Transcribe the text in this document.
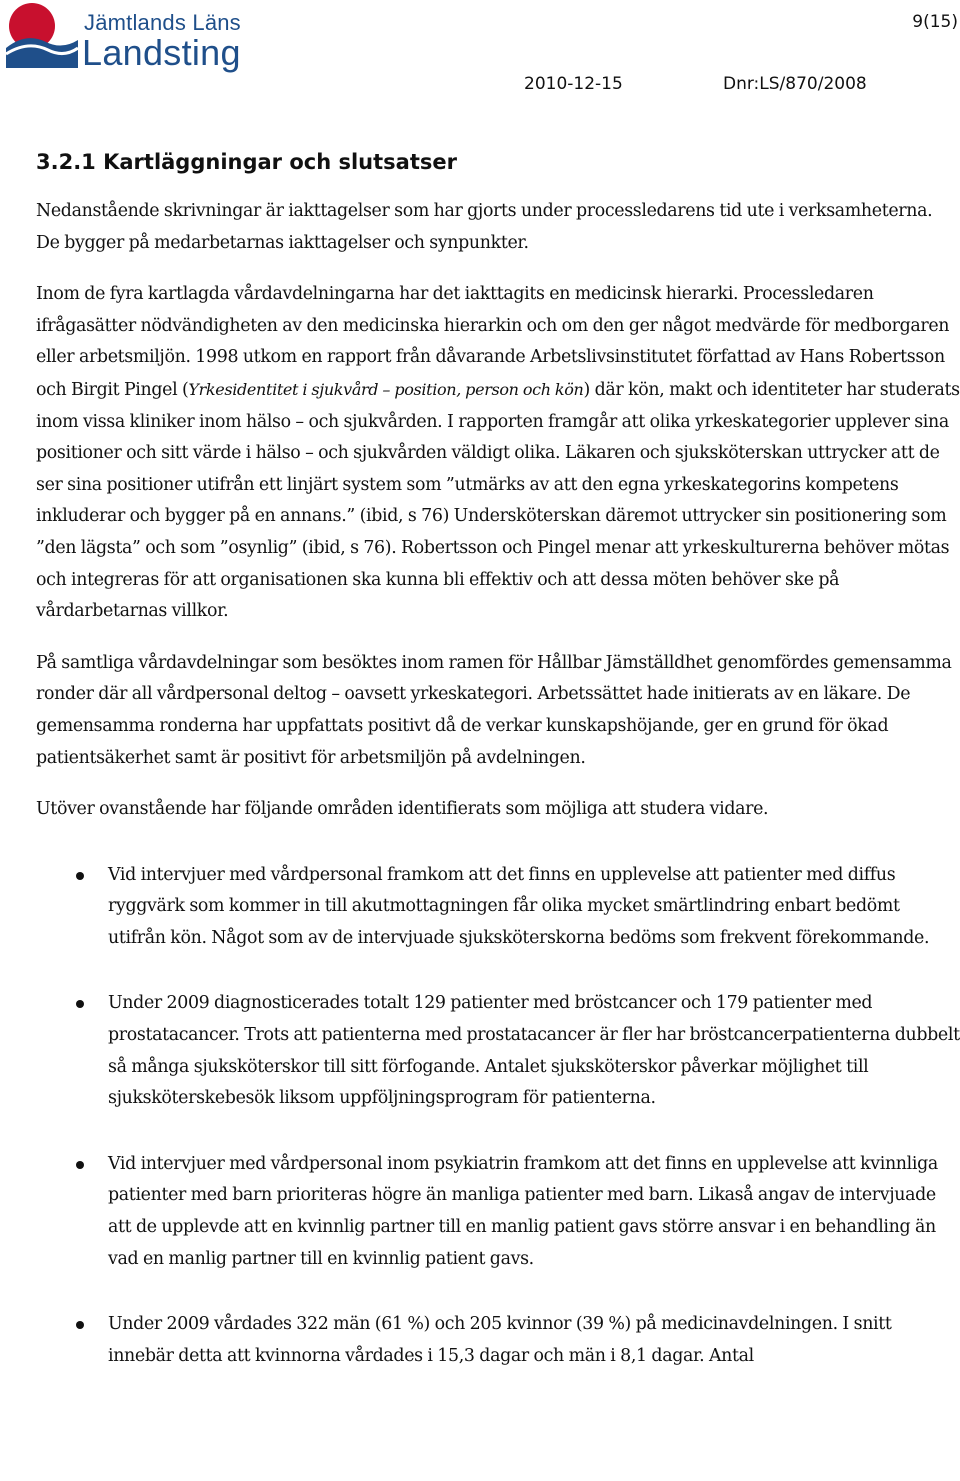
Jämtlands Läns
Landsting
9(15)
2010-12-15	Dnr:LS/870/2008
3.2.1 Kartläggningar och slutsatser

Nedanstående skrivningar är iakttagelser som har gjorts under processledarens tid ute i verksamheterna. De bygger på medarbetarnas iakttagelser och synpunkter.

Inom de fyra kartlagda vårdavdelningarna har det iakttagits en medicinsk hierarki. Processledaren ifrågasätter nödvändigheten av den medicinska hierarkin och om den ger något medvärde för medborgaren eller arbetsmiljön. 1998 utkom en rapport från dåvarande Arbetslivsinstitutet författad av Hans Robertsson och Birgit Pingel (Yrkesidentitet i sjukvård – position, person och kön) där kön, makt och identiteter har studerats inom vissa kliniker inom hälso – och sjukvården. I rapporten framgår att olika yrkeskategorier upplever sina positioner och sitt värde i hälso – och sjukvården väldigt olika. Läkaren och sjuksköterskan uttrycker att de ser sina positioner utifrån ett linjärt system som ”utmärks av att den egna yrkeskategorins kompetens inkluderar och bygger på en annans.” (ibid, s 76) Undersköterskan däremot uttrycker sin positionering som ”den lägsta” och som ”osynlig” (ibid, s 76). Robertsson och Pingel menar att yrkeskulturerna behöver mötas och integreras för att organisationen ska kunna bli effektiv och att dessa möten behöver ske på vårdarbetarnas villkor.

På samtliga vårdavdelningar som besöktes inom ramen för Hållbar Jämställdhet genomfördes gemensamma ronder där all vårdpersonal deltog – oavsett yrkeskategori. Arbetssättet hade initierats av en läkare. De gemensamma ronderna har uppfattats positivt då de verkar kunskapshöjande, ger en grund för ökad patientsäkerhet samt är positivt för arbetsmiljön på avdelningen.

Utöver ovanstående har följande områden identifierats som möjliga att studera vidare.

Vid intervjuer med vårdpersonal framkom att det finns en upplevelse att patienter med diffus ryggvärk som kommer in till akutmottagningen får olika mycket smärtlindring enbart bedömt utifrån kön. Något som av de intervjuade sjuksköterskorna bedöms som frekvent förekommande.
Under 2009 diagnosticerades totalt 129 patienter med bröstcancer och 179 patienter med prostatacancer. Trots att patienterna med prostatacancer är fler har bröstcancerpatienterna dubbelt så många sjuksköterskor till sitt förfogande. Antalet sjuksköterskor påverkar möjlighet till sjuksköterskebesök liksom uppföljningsprogram för patienterna.
Vid intervjuer med vårdpersonal inom psykiatrin framkom att det finns en upplevelse att kvinnliga patienter med barn prioriteras högre än manliga patienter med barn. Likaså angav de intervjuade att de upplevde att en kvinnlig partner till en manlig patient gavs större ansvar i en behandling än vad en manlig partner till en kvinnlig patient gavs.
Under 2009 vårdades 322 män (61 %) och 205 kvinnor (39 %) på medicinavdelningen. I snitt innebär detta att kvinnorna vårdades i 15,3 dagar och män i 8,1 dagar. Antal
